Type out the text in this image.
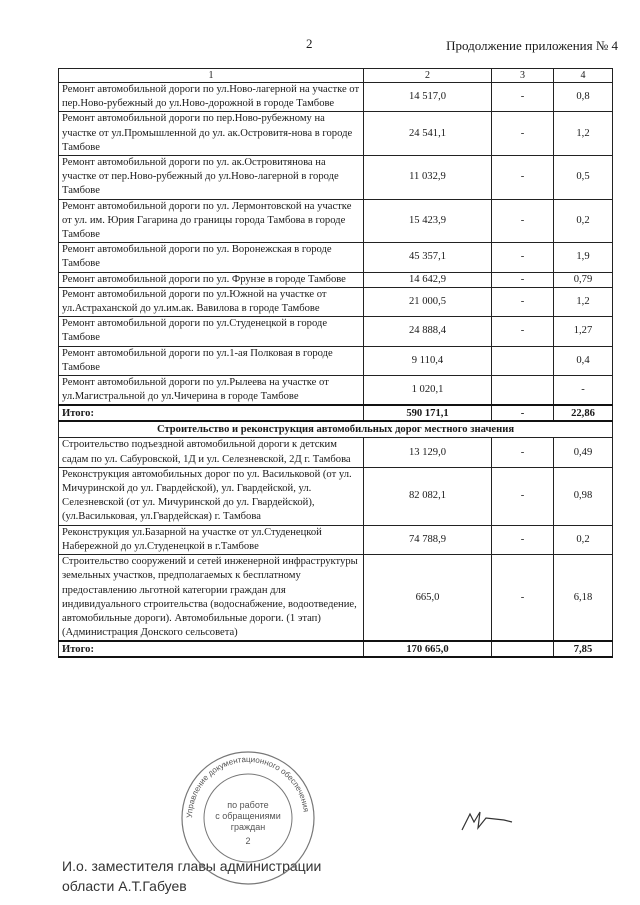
2	Продолжение приложения № 4
1	2	3	4
Ремонт автомобильной дороги по ул.Ново-лагерной на участке от пер.Ново-рубежный до ул.Ново-дорожной в городе Тамбове	14 517,0	-	0,8
Ремонт автомобильной дороги по пер.Ново-рубежному на участке от ул.Промышленной до ул. ак.Островитя-нова в городе Тамбове	24 541,1	-	1,2
Ремонт автомобильной дороги по ул. ак.Островитянова на участке от пер.Ново-рубежный до ул.Ново-лагерной в городе Тамбове	11 032,9	-	0,5
Ремонт автомобильной дороги по ул. Лермонтовской на участке от ул. им. Юрия Гагарина до границы города Тамбова в городе Тамбове	15 423,9	-	0,2
Ремонт автомобильной дороги по ул. Воронежская в городе Тамбове	45 357,1	-	1,9
Ремонт автомобильной дороги по ул. Фрунзе в городе Тамбове	14 642,9	-	0,79
Ремонт автомобильной дороги по ул.Южной на участке от ул.Астраханской до ул.им.ак. Вавилова в городе Тамбове	21 000,5	-	1,2
Ремонт автомобильной дороги по ул.Студенецкой в городе Тамбове	24 888,4	-	1,27
Ремонт автомобильной дороги по ул.1-ая Полковая в городе Тамбове	9 110,4		0,4
Ремонт автомобильной дороги по ул.Рылеева на участке от ул.Магистральной до ул.Чичерина в городе Тамбове	1 020,1		-
Итого:	590 171,1	-	22,86
Строительство и реконструкция автомобильных дорог местного значения			
Строительство подъездной автомобильной дороги к детским садам по ул. Сабуровской, 1Д и ул. Селезневской, 2Д г. Тамбова	13 129,0	-	0,49
Реконструкция автомобильных дорог по ул. Васильковой (от ул. Мичуринской до ул. Гвардейской), ул. Гвардейской, ул. Селезневской (от ул. Мичуринской до ул. Гвардейской), (ул.Васильковая, ул.Гвардейская) г. Тамбова	82 082,1	-	0,98
Реконструкция ул.Базарной на участке от ул.Студенецкой Набережной до ул.Студенецкой в г.Тамбове	74 788,9	-	0,2
Строительство сооружений и сетей инженерной инфраструктуры земельных участков, предполагаемых к бесплатному предоставлению льготной категории граждан для индивидуального строительства (водоснабжение, водоотведение, автомобильные дороги). Автомобильные дороги. (1 этап) (Администрация Донского сельсовета)	665,0	-	6,18
Итого:	170 665,0		7,85
И.о. заместителя главы администрации
области А.Т.Габуев
Управление документационного обеспечения
по работе
с обращениями
граждан
2
